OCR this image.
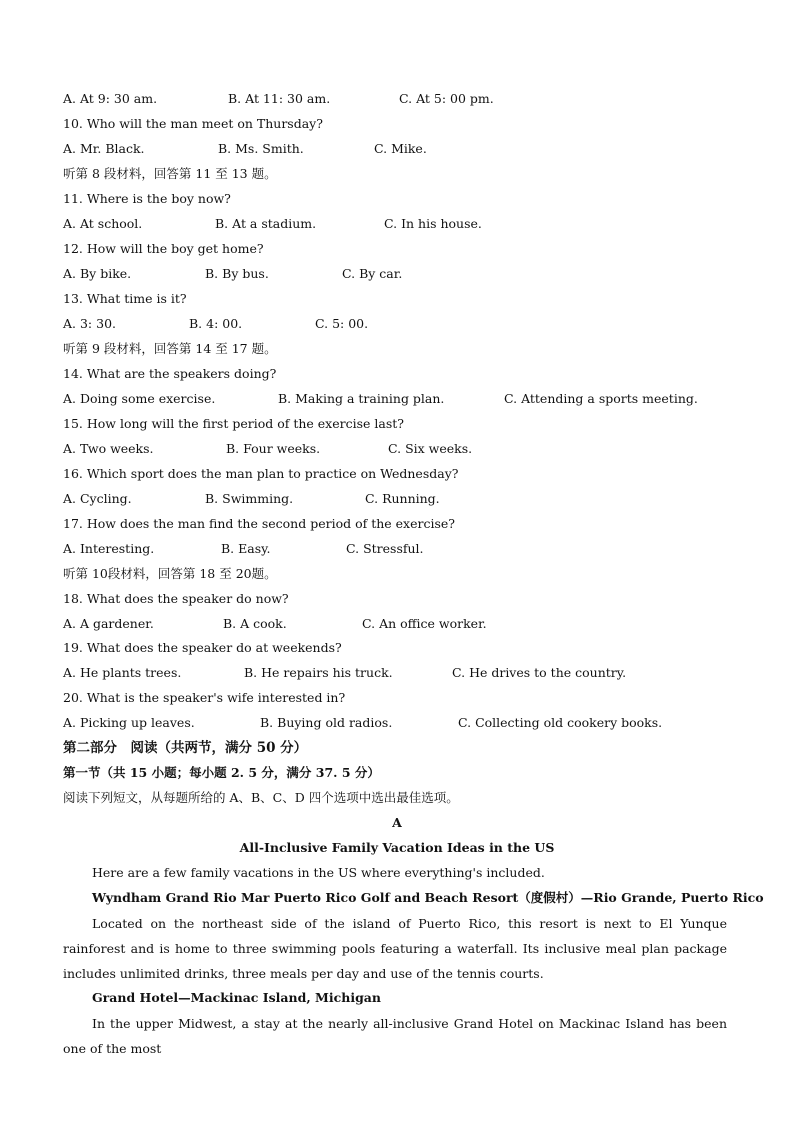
A. At 9: 30 am.	B. At 11: 30 am.	C. At 5: 00 pm.
10. Who will the man meet on Thursday?
A. Mr. Black.	B. Ms. Smith.	C. Mike.
听第 8 段材料，回答第 11 至 13 题。
11. Where is the boy now?
A. At school.	B. At a stadium.	C. In his house.
12. How will the boy get home?
A. By bike.	B. By bus.	C. By car.
13. What time is it?
A. 3: 30.	B. 4: 00.	C. 5: 00.
听第 9 段材料，回答第 14 至 17 题。
14. What are the speakers doing?
A. Doing some exercise.	B. Making a training plan.	C. Attending a sports meeting.
15. How long will the first period of the exercise last?
A. Two weeks.	B. Four weeks.	C. Six weeks.
16. Which sport does the man plan to practice on Wednesday?
A. Cycling.	B. Swimming.	C. Running.
17. How does the man find the second period of the exercise?
A. Interesting.	B. Easy.	C. Stressful.
听第 10段材料，回答第 18 至 20题。
18. What does the speaker do now?
A. A gardener.	B. A cook.	C. An office worker.
19. What does the speaker do at weekends?
A. He plants trees.	B. He repairs his truck.	C. He drives to the country.
20. What is the speaker's wife interested in?
A. Picking up leaves.	B. Buying old radios.	C. Collecting old cookery books.
第二部分　阅读（共两节，满分 50 分）
第一节（共 15 小题；每小题 2. 5 分，满分 37. 5 分）
阅读下列短文，从每题所给的 A、B、C、D 四个选项中选出最佳选项。
A
All-Inclusive Family Vacation Ideas in the US
Here are a few family vacations in the US where everything's included.
Wyndham Grand Rio Mar Puerto Rico Golf and Beach Resort（度假村）—Rio Grande, Puerto Rico
Located on the northeast side of the island of Puerto Rico, this resort is next to El Yunque rainforest and is home to three swimming pools featuring a waterfall. Its inclusive meal plan package includes unlimited drinks, three meals per day and use of the tennis courts.
Grand Hotel—Mackinac Island, Michigan
In the upper Midwest, a stay at the nearly all-inclusive Grand Hotel on Mackinac Island has been one of the most
